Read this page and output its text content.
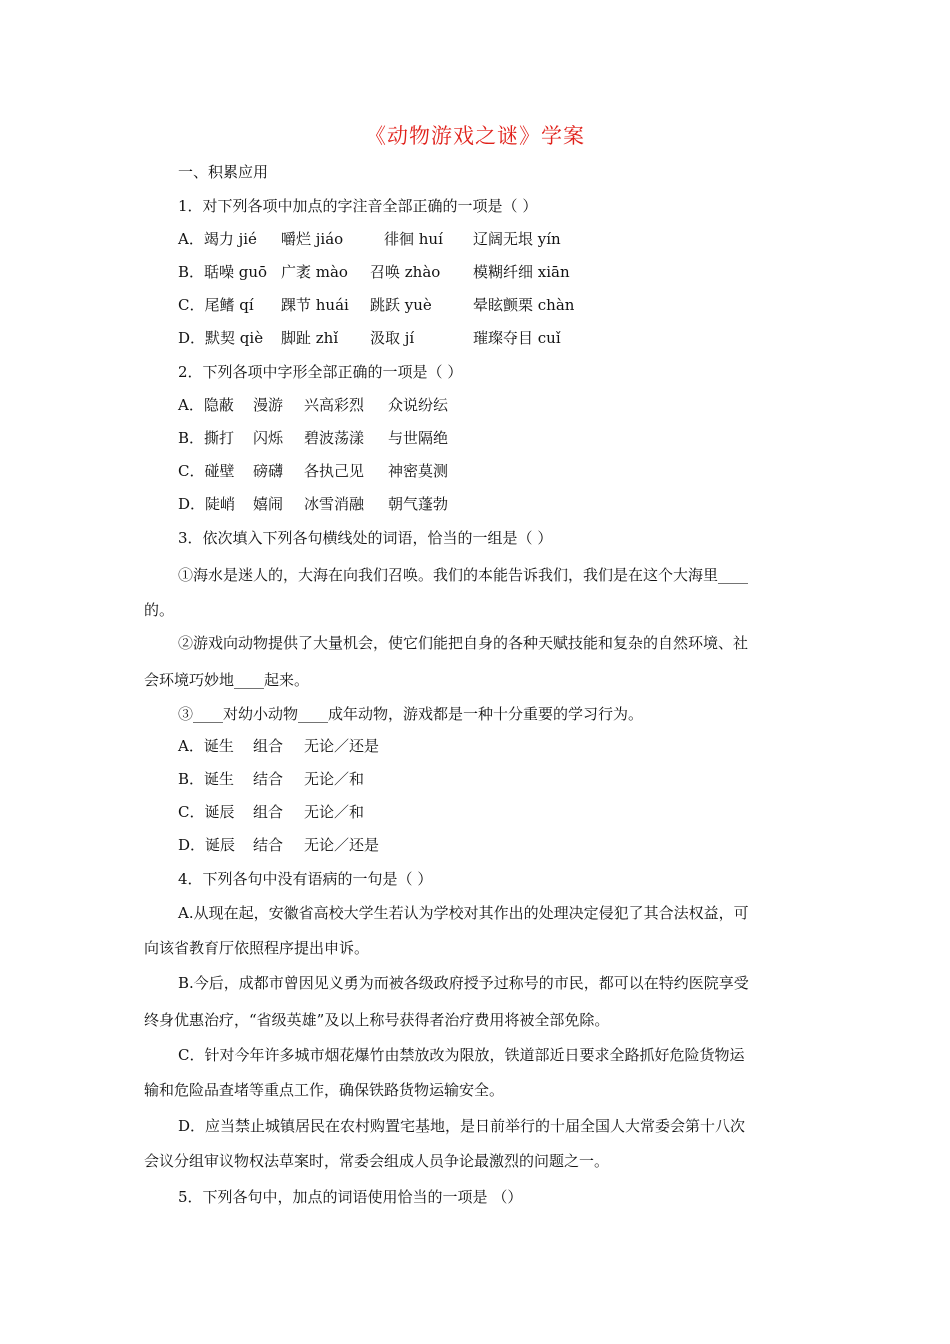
《动物游戏之谜》学案
一、积累应用
1．对下列各项中加点的字注音全部正确的一项是（ ）
A．竭力 jié 嚼烂 jiáo	徘徊 huí 辽阔无垠 yín
B．聒噪 guō 广袤 mào 召唤 zhào 模糊纤细 xiān
C．尾鳍 qí 踝节 huái 跳跃 yuè	晕眩颤栗 chàn
D．默契 qiè 脚趾 zhǐ 汲取 jí	璀璨夺目 cuǐ
2．下列各项中字形全部正确的一项是（ ）
A．隐蔽 漫游 兴高彩烈 众说纷纭
B．撕打 闪烁 碧波荡漾 与世隔绝
C．碰壁 磅礴 各执己见 神密莫测
D．陡峭 嬉闹 冰雪消融 朝气蓬勃
3．依次填入下列各句横线处的词语，恰当的一组是（ ）
①海水是迷人的，大海在向我们召唤。我们的本能告诉我们，我们是在这个大海里____
的。
②游戏向动物提供了大量机会，使它们能把自身的各种天赋技能和复杂的自然环境、社
会环境巧妙地____起来。
③____对幼小动物____成年动物，游戏都是一种十分重要的学习行为。
A．诞生 组合 无论／还是
B．诞生 结合 无论／和
C．诞辰 组合 无论／和
D．诞辰 结合 无论／还是
4．下列各句中没有语病的一句是（ ）
A.从现在起，安徽省高校大学生若认为学校对其作出的处理决定侵犯了其合法权益，可
向该省教育厅依照程序提出申诉。
B.今后，成都市曾因见义勇为而被各级政府授予过称号的市民，都可以在特约医院享受
终身优惠治疗，“省级英雄”及以上称号获得者治疗费用将被全部免除。
C．针对今年许多城市烟花爆竹由禁放改为限放，铁道部近日要求全路抓好危险货物运
输和危险品查堵等重点工作，确保铁路货物运输安全。
D．应当禁止城镇居民在农村购置宅基地，是日前举行的十届全国人大常委会第十八次
会议分组审议物权法草案时，常委会组成人员争论最激烈的问题之一。
5．下列各句中，加点的词语使用恰当的一项是 （）
